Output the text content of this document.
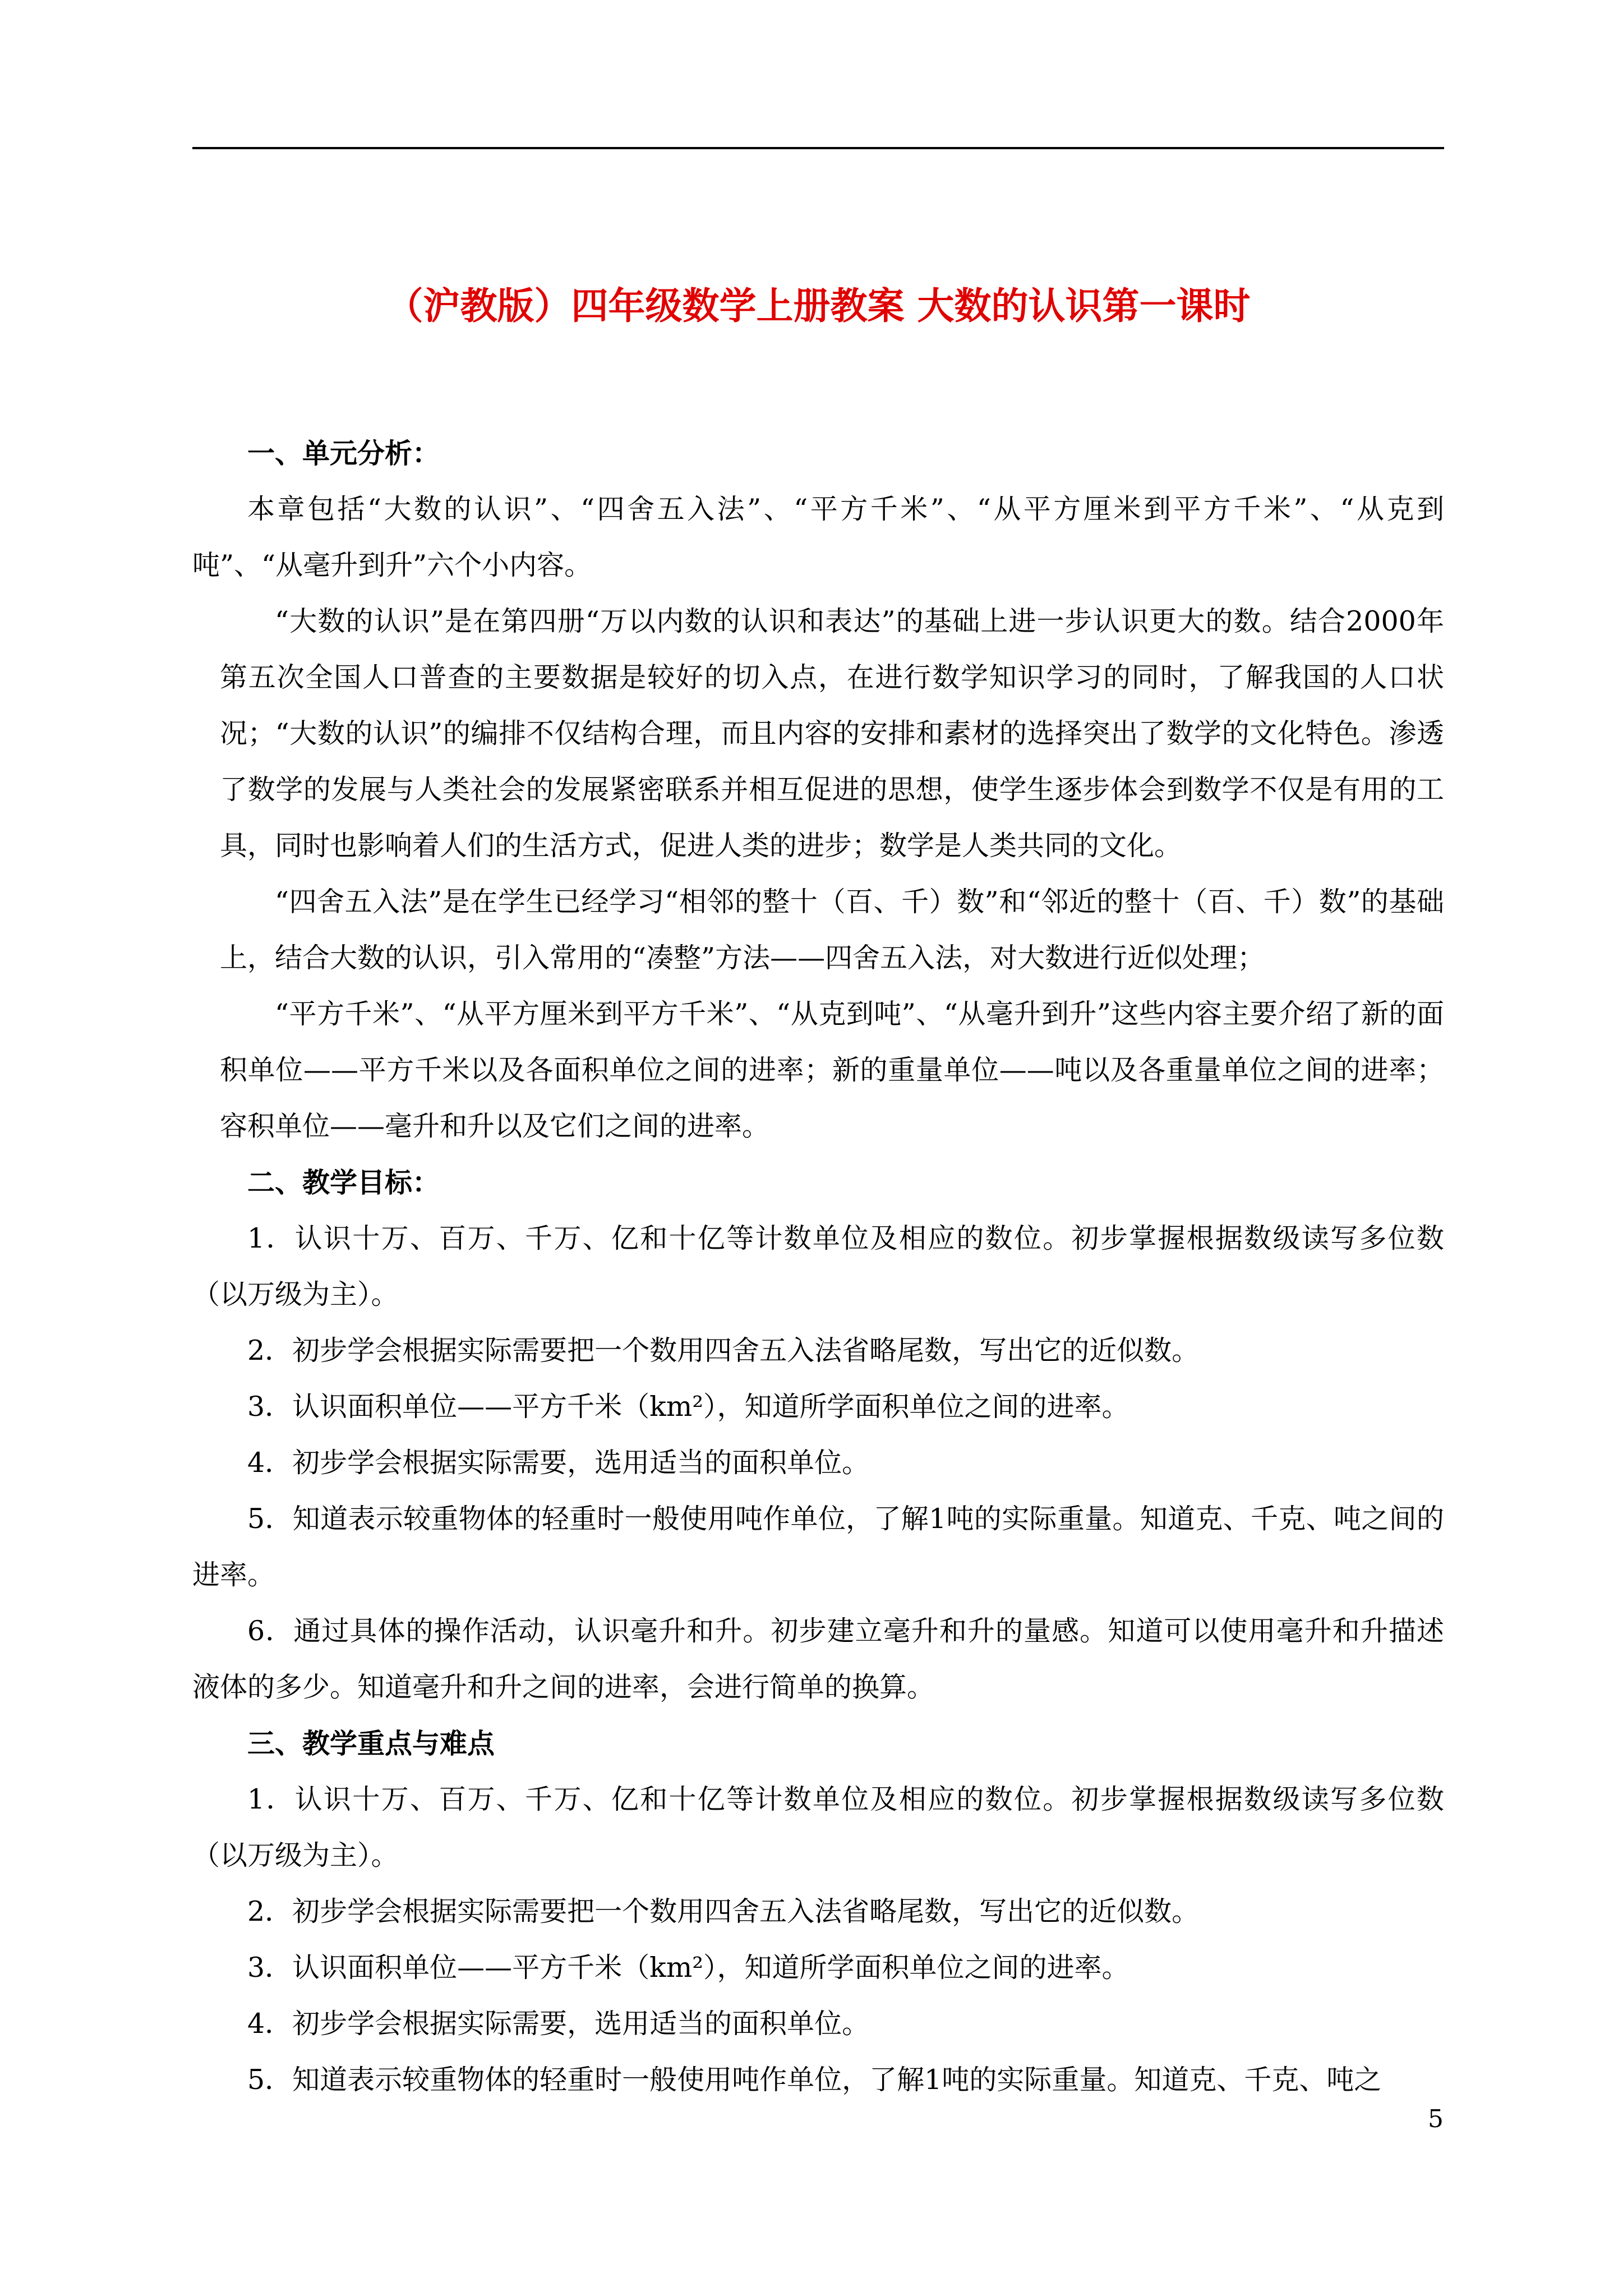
（沪教版）四年级数学上册教案 大数的认识第一课时

一、单元分析：

本章包括“大数的认识”、“四舍五入法”、“平方千米”、“从平方厘米到平方千米”、“从克到吨”、“从毫升到升”六个小内容。

“大数的认识”是在第四册“万以内数的认识和表达”的基础上进一步认识更大的数。结合2000年第五次全国人口普查的主要数据是较好的切入点，在进行数学知识学习的同时，了解我国的人口状况；“大数的认识”的编排不仅结构合理，而且内容的安排和素材的选择突出了数学的文化特色。渗透了数学的发展与人类社会的发展紧密联系并相互促进的思想，使学生逐步体会到数学不仅是有用的工具，同时也影响着人们的生活方式，促进人类的进步；数学是人类共同的文化。

“四舍五入法”是在学生已经学习“相邻的整十（百、千）数”和“邻近的整十（百、千）数”的基础上，结合大数的认识，引入常用的“凑整”方法——四舍五入法，对大数进行近似处理；

“平方千米”、“从平方厘米到平方千米”、“从克到吨”、“从毫升到升”这些内容主要介绍了新的面积单位——平方千米以及各面积单位之间的进率；新的重量单位——吨以及各重量单位之间的进率；容积单位——毫升和升以及它们之间的进率。

二、教学目标：

1．认识十万、百万、千万、亿和十亿等计数单位及相应的数位。初步掌握根据数级读写多位数（以万级为主）。

2．初步学会根据实际需要把一个数用四舍五入法省略尾数，写出它的近似数。

3．认识面积单位——平方千米（km²），知道所学面积单位之间的进率。

4．初步学会根据实际需要，选用适当的面积单位。

5．知道表示较重物体的轻重时一般使用吨作单位，了解1吨的实际重量。知道克、千克、吨之间的进率。

6．通过具体的操作活动，认识毫升和升。初步建立毫升和升的量感。知道可以使用毫升和升描述液体的多少。知道毫升和升之间的进率，会进行简单的换算。

三、教学重点与难点

1．认识十万、百万、千万、亿和十亿等计数单位及相应的数位。初步掌握根据数级读写多位数（以万级为主）。

2．初步学会根据实际需要把一个数用四舍五入法省略尾数，写出它的近似数。

3．认识面积单位——平方千米（km²），知道所学面积单位之间的进率。

4．初步学会根据实际需要，选用适当的面积单位。

5．知道表示较重物体的轻重时一般使用吨作单位，了解1吨的实际重量。知道克、千克、吨之

5
